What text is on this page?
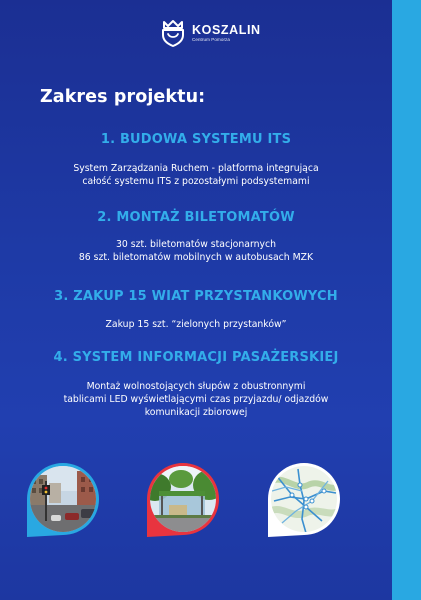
KOSZALIN
Centrum Pomorza
Zakres projektu:
1. BUDOWA SYSTEMU ITS

System Zarządzania Ruchem - platforma integrująca
całość systemu ITS z pozostałymi podsystemami

2. MONTAŻ BILETOMATÓW

30 szt. biletomatów stacjonarnych
86 szt. biletomatów mobilnych w autobusach MZK

3. ZAKUP 15 WIAT PRZYSTANKOWYCH

Zakup 15 szt. “zielonych przystanków”

4. SYSTEM INFORMACJI PASAŻERSKIEJ

Montaż wolnostojących słupów z obustronnymi
tablicami LED wyświetlającymi czas przyjazdu/ odjazdów
komunikacji zbiorowej
